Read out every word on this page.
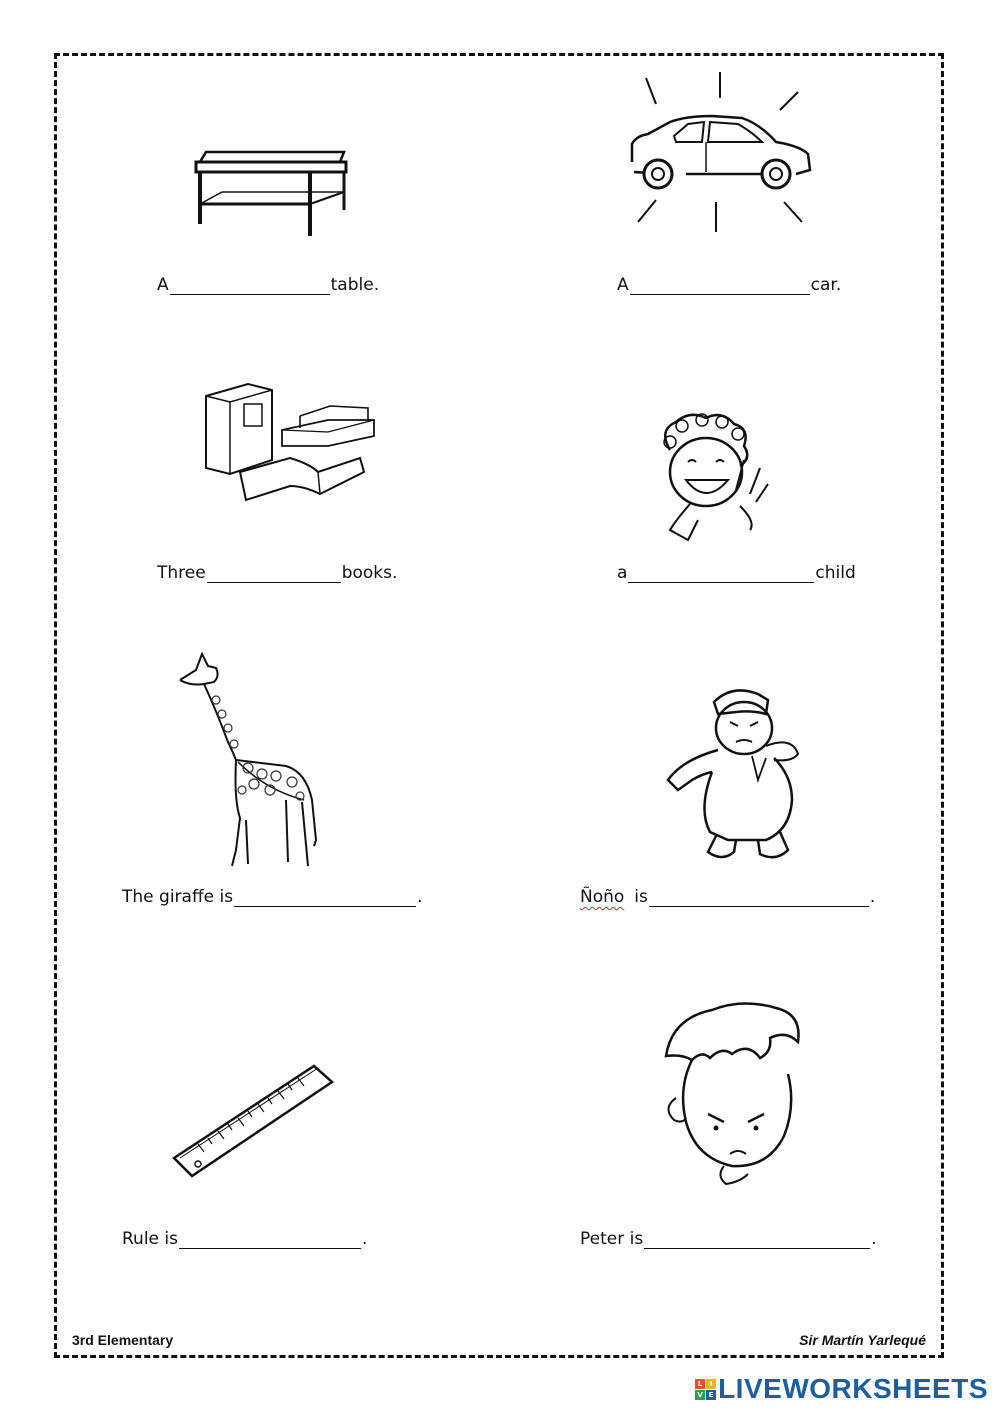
A	table.	A	car.
Three	books.	a	child
The giraffe is	.	Ñoño is	.
Rule is	.	Peter is	.
3rd Elementary	Sir Martín Yarlequé
L	I
V E LIVEWORKSHEETS
